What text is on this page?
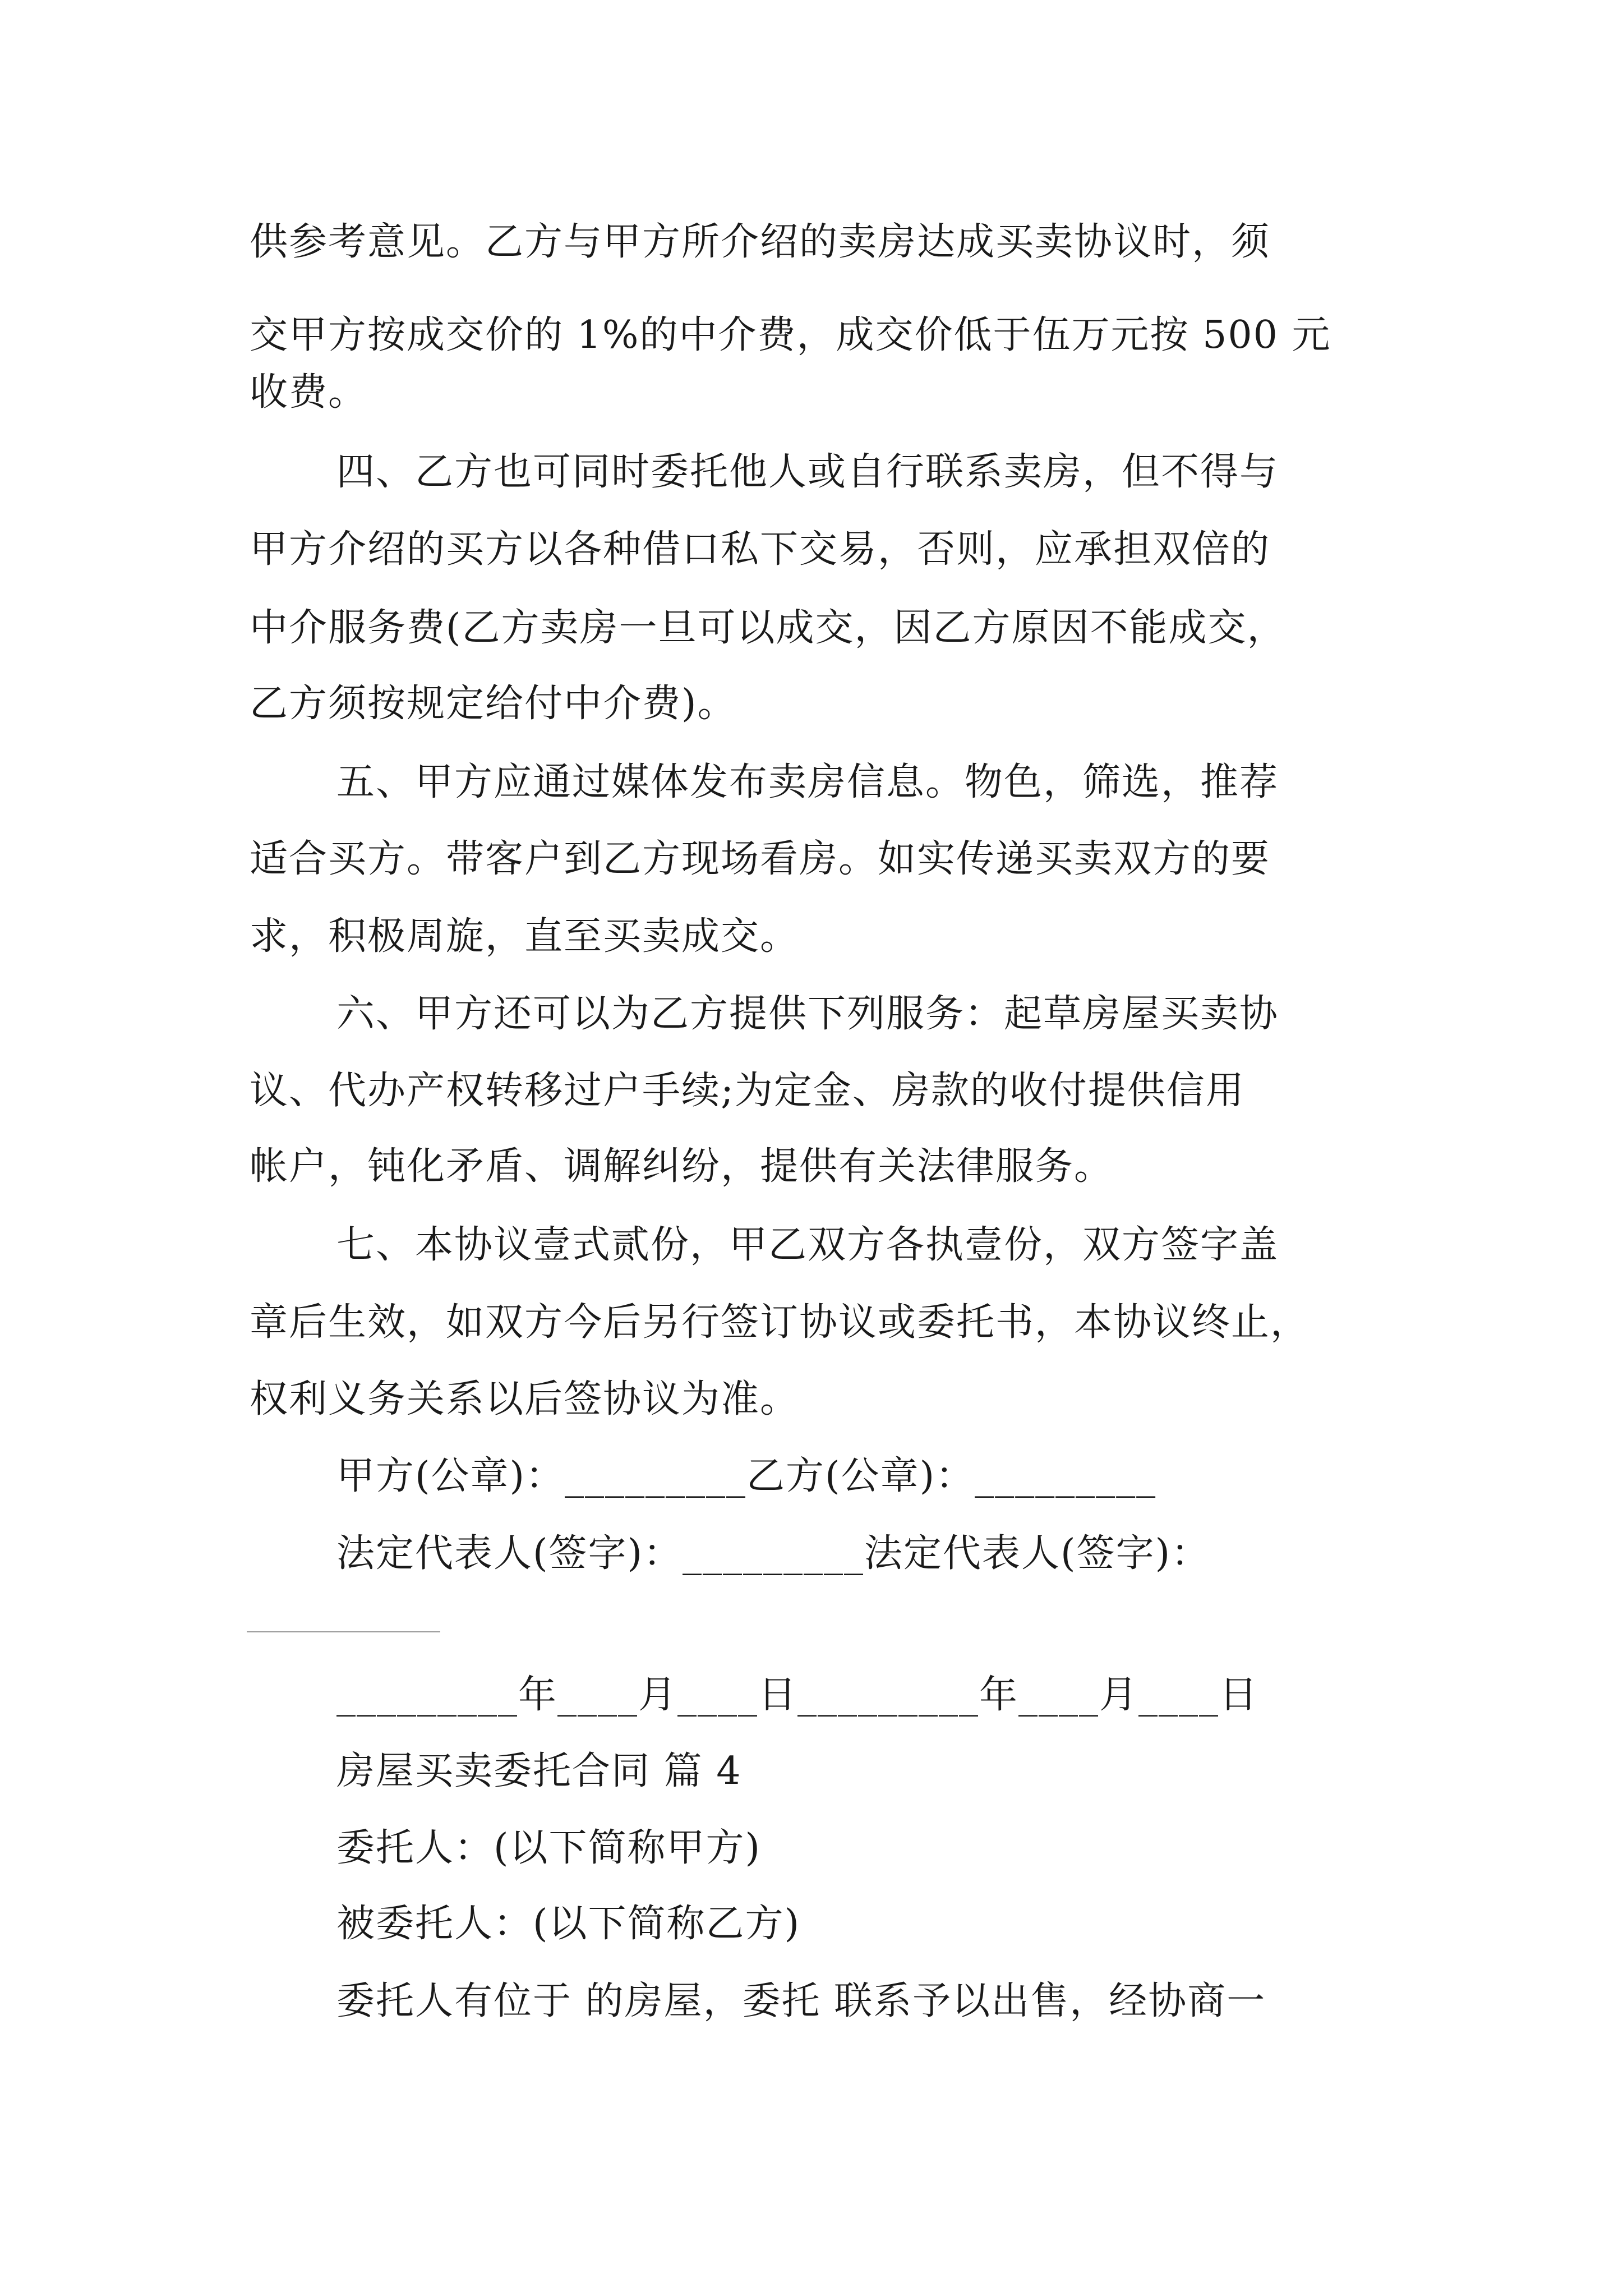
供参考意见。乙方与甲方所介绍的卖房达成买卖协议时，须
交甲方按成交价的 1%的中介费，成交价低于伍万元按 500 元
收费。
四、乙方也可同时委托他人或自行联系卖房，但不得与
甲方介绍的买方以各种借口私下交易，否则，应承担双倍的
中介服务费(乙方卖房一旦可以成交，因乙方原因不能成交，
乙方须按规定给付中介费)。
五、甲方应通过媒体发布卖房信息。物色，筛选，推荐
适合买方。带客户到乙方现场看房。如实传递买卖双方的要
求，积极周旋，直至买卖成交。
六、甲方还可以为乙方提供下列服务：起草房屋买卖协
议、代办产权转移过户手续;为定金、房款的收付提供信用
帐户，钝化矛盾、调解纠纷，提供有关法律服务。
七、本协议壹式贰份，甲乙双方各执壹份，双方签字盖
章后生效，如双方今后另行签订协议或委托书，本协议终止，
权利义务关系以后签协议为准。
甲方(公章)：_________乙方(公章)：_________
法定代表人(签字)：_________法定代表人(签字)：
_________年____月____日_________年____月____日
房屋买卖委托合同 篇 4
委托人：(以下简称甲方)
被委托人：(以下简称乙方)
委托人有位于 的房屋，委托 联系予以出售，经协商一
